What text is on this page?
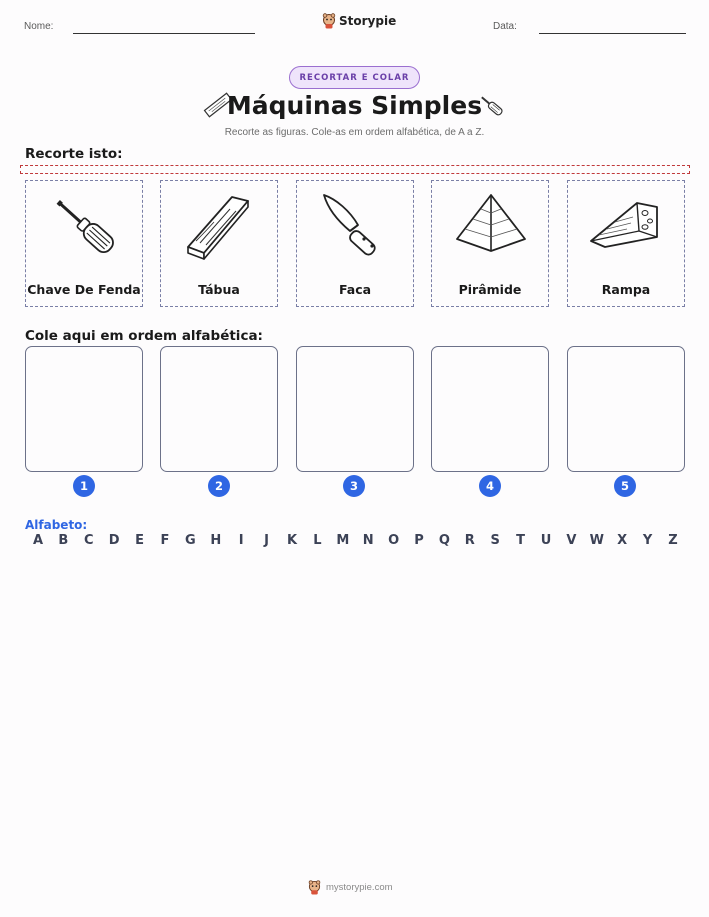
Nome:	Storypie	Data:
RECORTAR E COLAR
Máquinas Simples
Recorte as figuras. Cole-as em ordem alfabética, de A a Z.
Recorte isto:
Chave De Fenda	Tábua	Faca	Pirâmide	Rampa
Cole aqui em ordem alfabética:
1	2	3	4	5
Alfabeto:
A	B	C	D	E	F	G	H	I	J	K	L	M	N	O	P	Q	R	S	T	U	V	W	X	Y	Z
mystorypie.com
